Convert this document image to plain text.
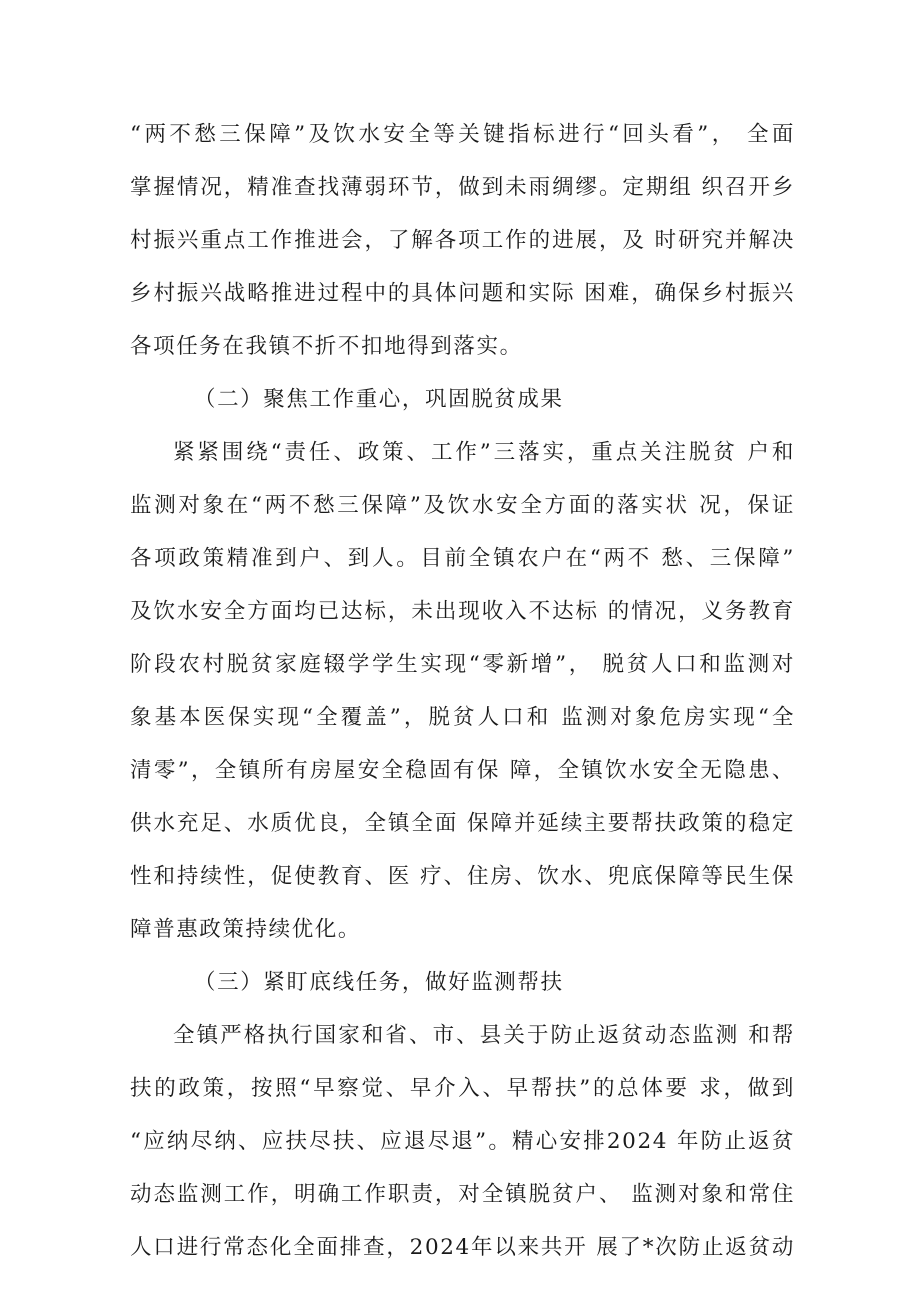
“两不愁三保障”及饮水安全等关键指标进行“回头看”， 全面
掌握情况，精准查找薄弱环节，做到未雨绸缪。定期组 织召开乡
村振兴重点工作推进会，了解各项工作的进展，及 时研究并解决
乡村振兴战略推进过程中的具体问题和实际 困难，确保乡村振兴
各项任务在我镇不折不扣地得到落实。
（二）聚焦工作重心，巩固脱贫成果
紧紧围绕“责任、政策、工作”三落实，重点关注脱贫 户和
监测对象在“两不愁三保障”及饮水安全方面的落实状 况，保证
各项政策精准到户、到人。目前全镇农户在“两不 愁、三保障”
及饮水安全方面均已达标，未出现收入不达标 的情况，义务教育
阶段农村脱贫家庭辍学学生实现“零新增”， 脱贫人口和监测对
象基本医保实现“全覆盖”，脱贫人口和 监测对象危房实现“全
清零”，全镇所有房屋安全稳固有保 障，全镇饮水安全无隐患、
供水充足、水质优良，全镇全面 保障并延续主要帮扶政策的稳定
性和持续性，促使教育、医 疗、住房、饮水、兜底保障等民生保
障普惠政策持续优化。
（三）紧盯底线任务，做好监测帮扶
全镇严格执行国家和省、市、县关于防止返贫动态监测 和帮
扶的政策，按照“早察觉、早介入、早帮扶”的总体要 求，做到
“应纳尽纳、应扶尽扶、应退尽退”。精心安排2024 年防止返贫
动态监测工作，明确工作职责，对全镇脱贫户、 监测对象和常住
人口进行常态化全面排查，2024年以来共开 展了*次防止返贫动
